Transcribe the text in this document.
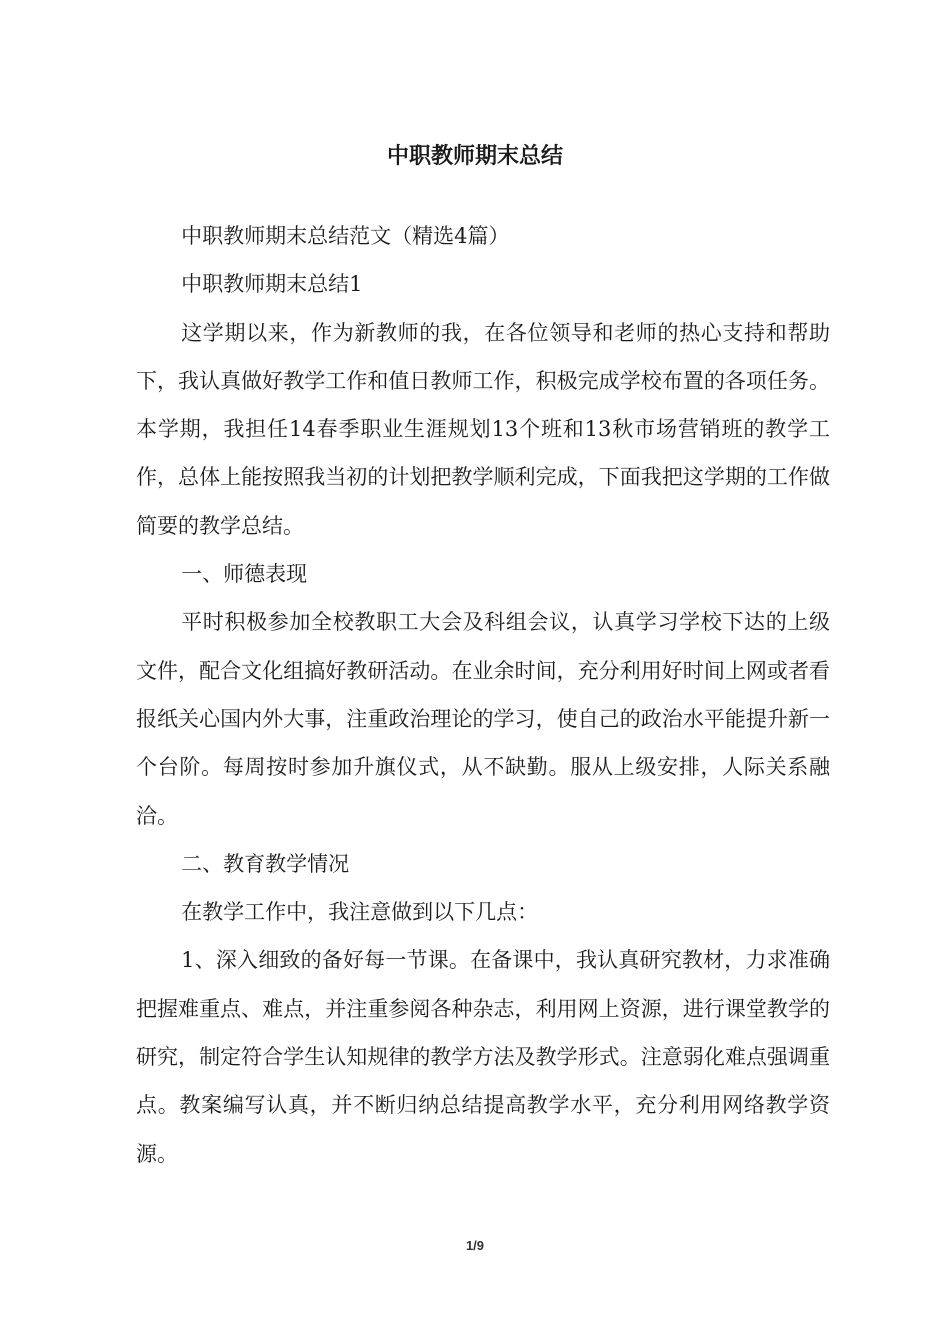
中职教师期末总结

中职教师期末总结范文（精选4篇）

中职教师期末总结1

这学期以来，作为新教师的我，在各位领导和老师的热心支持和帮助下，我认真做好教学工作和值日教师工作，积极完成学校布置的各项任务。本学期，我担任14春季职业生涯规划13个班和13秋市场营销班的教学工作，总体上能按照我当初的计划把教学顺利完成，下面我把这学期的工作做简要的教学总结。

一、师德表现

平时积极参加全校教职工大会及科组会议，认真学习学校下达的上级文件，配合文化组搞好教研活动。在业余时间，充分利用好时间上网或者看报纸关心国内外大事，注重政治理论的学习，使自己的政治水平能提升新一个台阶。每周按时参加升旗仪式，从不缺勤。服从上级安排，人际关系融洽。

二、教育教学情况

在教学工作中，我注意做到以下几点：

1、深入细致的备好每一节课。在备课中，我认真研究教材，力求准确把握难重点、难点，并注重参阅各种杂志，利用网上资源，进行课堂教学的研究，制定符合学生认知规律的教学方法及教学形式。注意弱化难点强调重点。教案编写认真，并不断归纳总结提高教学水平，充分利用网络教学资源。

1/9
